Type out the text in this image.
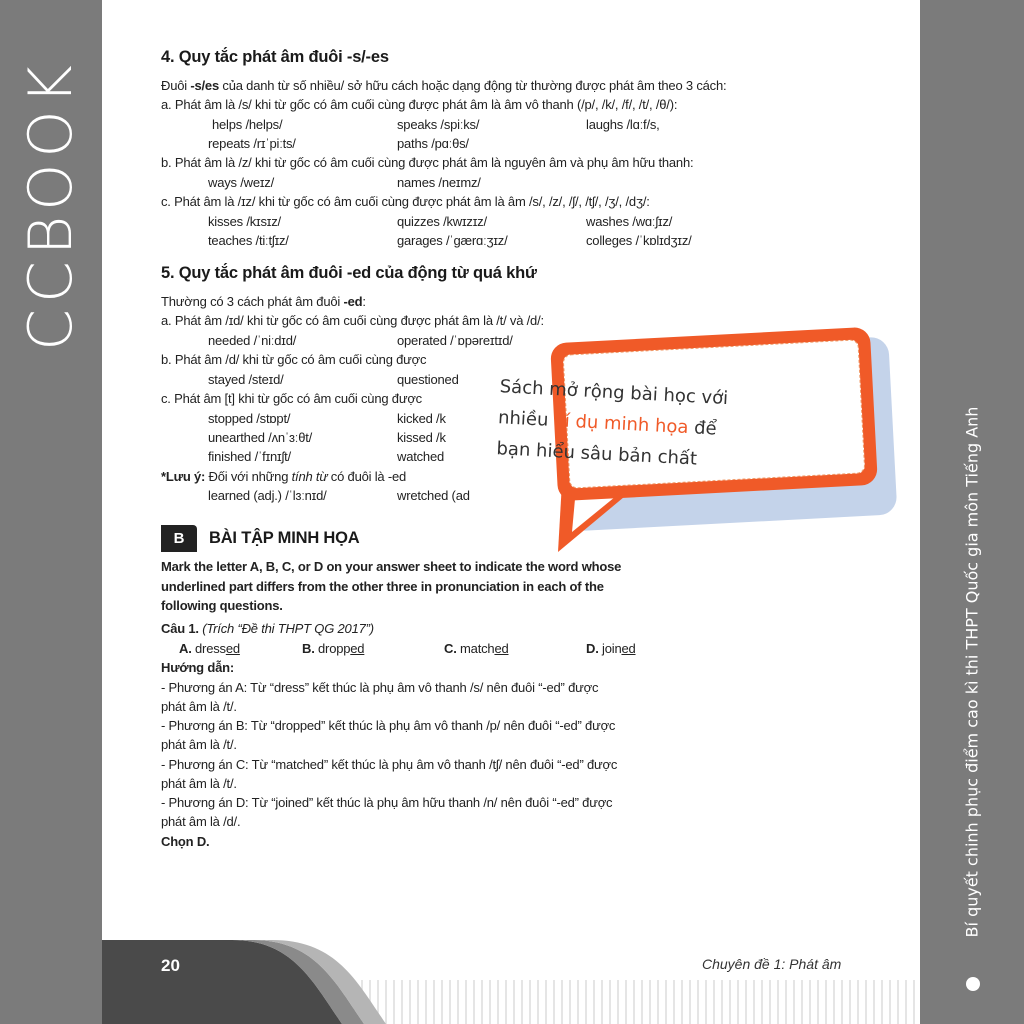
CCBOOK
Bí quyết chinh phục điểm cao kì thi THPT Quốc gia môn Tiếng Anh
4. Quy tắc phát âm đuôi -s/-es
Đuôi -s/es của danh từ số nhiều/ sở hữu cách hoặc dạng động từ thường được phát âm theo 3 cách:
a. Phát âm là /s/ khi từ gốc có âm cuối cùng được phát âm là âm vô thanh (/p/, /k/, /f/, /t/, /θ/):
helps /helps/	speaks /spiːks/	laughs /lɑːf/s,
repeats /rɪˈpiːts/	paths /pɑːθs/
b. Phát âm là /z/ khi từ gốc có âm cuối cùng được phát âm là nguyên âm và phụ âm hữu thanh:
ways /weɪz/	names /neɪmz/
c. Phát âm là /ɪz/ khi từ gốc có âm cuối cùng được phát âm là âm /s/, /z/, /ʃ/, /tʃ/, /ʒ/, /dʒ/:
kisses /kɪsɪz/	quizzes /kwɪzɪz/	washes /wɑːʃɪz/
teaches /tiːtʃɪz/	garages /ˈgærɑːʒɪz/	colleges /ˈkɒlɪdʒɪz/
5. Quy tắc phát âm đuôi -ed của động từ quá khứ
Thường có 3 cách phát âm đuôi -ed:
a. Phát âm /ɪd/ khi từ gốc có âm cuối cùng được phát âm là /t/ và /d/:
needed /ˈniːdɪd/	operated /ˈɒpəreɪtɪd/
b. Phát âm /d/ khi từ gốc có âm cuối cùng được
stayed /steɪd/	questioned
c. Phát âm [t] khi từ gốc có âm cuối cùng được
stopped /stɒpt/	kicked /k
unearthed /ʌnˈɜːθt/	kissed /k
finished /ˈfɪnɪʃt/	watched
*Lưu ý: Đối với những tính từ có đuôi là -ed
learned (adj.) /ˈlɜːnɪd/	wretched (ad
B	BÀI TẬP MINH HỌA
Mark the letter A, B, C, or D on your answer sheet to indicate the word whose
underlined part differs from the other three in pronunciation in each of the
following questions.
Câu 1. (Trích “Đề thi THPT QG 2017”)
A. dressed	B. dropped	C. matched	D. joined
Hướng dẫn:
- Phương án A: Từ “dress” kết thúc là phụ âm vô thanh /s/ nên đuôi “-ed” được
phát âm là /t/.
- Phương án B: Từ “dropped” kết thúc là phụ âm vô thanh /p/ nên đuôi “-ed” được
phát âm là /t/.
- Phương án C: Từ “matched” kết thúc là phụ âm vô thanh /tʃ/ nên đuôi “-ed” được
phát âm là /t/.
- Phương án D: Từ “joined” kết thúc là phụ âm hữu thanh /n/ nên đuôi “-ed” được
phát âm là /d/.
Chọn D.
20	Chuyên đề 1: Phát âm
Sách mở rộng bài học với
nhiều ví dụ minh họa để
bạn hiểu sâu bản chất
